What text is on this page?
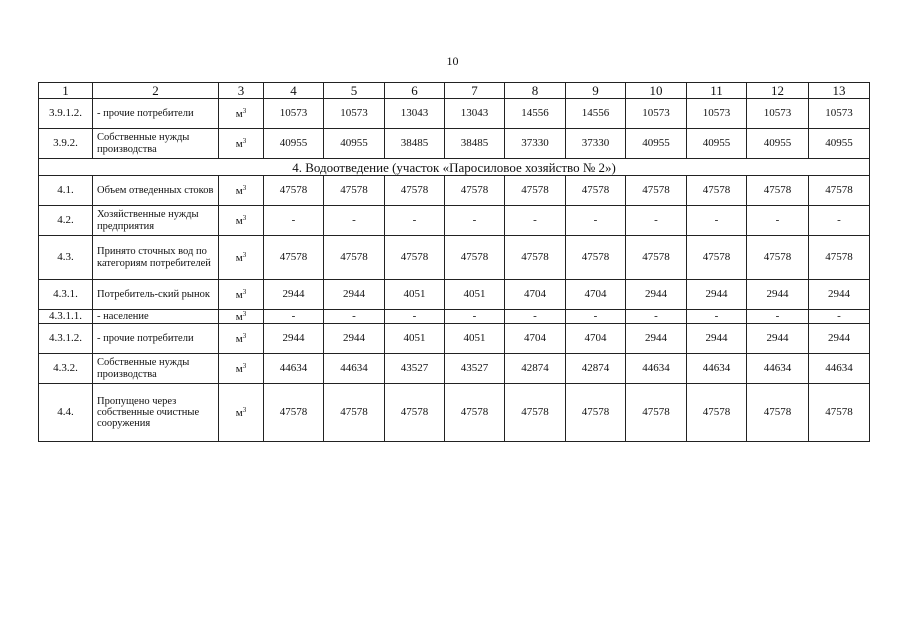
10
1	2	3	4	5	6	7	8	9	10	11	12	13
3.9.1.2.	- прочие потребители	$м^3$	10573	10573	13043	13043	14556	14556	10573	10573	10573	10573
3.9.2.	Собственные нужды производства	$м^3$	40955	40955	38485	38485	37330	37330	40955	40955	40955	40955
4. Водоотведение (участок «Паросиловое хозяйство № 2»)												
4.1.	Объем отведенных стоков	$м^3$	47578	47578	47578	47578	47578	47578	47578	47578	47578	47578
4.2.	Хозяйственные нужды предприятия	$м^3$	-	-	-	-	-	-	-	-	-	-
4.3.	Принято сточных вод по категориям потребителей	$м^3$	47578	47578	47578	47578	47578	47578	47578	47578	47578	47578
4.3.1.	Потребитель-ский рынок	$м^3$	2944	2944	4051	4051	4704	4704	2944	2944	2944	2944
4.3.1.1.	- население	$м^3$	-	-	-	-	-	-	-	-	-	-
4.3.1.2.	- прочие потребители	$м^3$	2944	2944	4051	4051	4704	4704	2944	2944	2944	2944
4.3.2.	Собственные нужды производства	$м^3$	44634	44634	43527	43527	42874	42874	44634	44634	44634	44634
4.4.	Пропущено через собственные очистные сооружения	$м^3$	47578	47578	47578	47578	47578	47578	47578	47578	47578	47578
